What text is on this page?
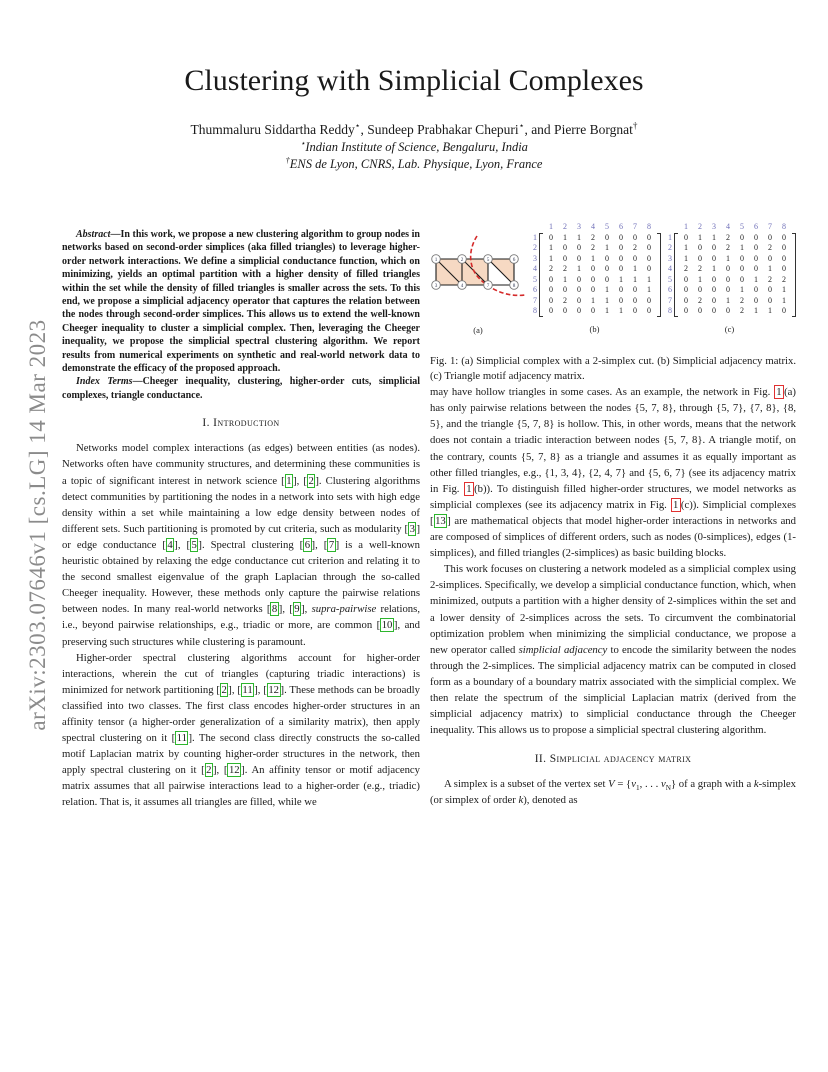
arXiv:2303.07646v1 [cs.LG] 14 Mar 2023
Clustering with Simplicial Complexes
Thummaluru Siddartha Reddy⋆, Sundeep Prabhakar Chepuri⋆, and Pierre Borgnat†
⋆Indian Institute of Science, Bengaluru, India
†ENS de Lyon, CNRS, Lab. Physique, Lyon, France

Abstract—In this work, we propose a new clustering algorithm to group nodes in networks based on second-order simplices (aka filled triangles) to leverage higher-order network interactions. We define a simplicial conductance function, which on minimizing, yields an optimal partition with a higher density of filled triangles within the set while the density of filled triangles is smaller across the sets. To this end, we propose a simplicial adjacency operator that captures the relation between the nodes through second-order simplices. This allows us to extend the well-known Cheeger inequality to cluster a simplicial complex. Then, leveraging the Cheeger inequality, we propose the simplicial spectral clustering algorithm. We report results from numerical experiments on synthetic and real-world network data to demonstrate the efficacy of the proposed approach.

Index Terms—Cheeger inequality, clustering, higher-order cuts, simplicial complexes, triangle conductance.

I. Introduction

Networks model complex interactions (as edges) between entities (as nodes). Networks often have community structures, and determining these communities is a topic of significant interest in network science [ 1 ], [ 2 ]. Clustering algorithms detect communities by partitioning the nodes in a network into sets with high edge density within a set while maintaining a low edge density between nodes of different sets. Such partitioning is promoted by cut criteria, such as modularity [ 3 ] or edge conductance [ 4 ], [ 5 ]. Spectral clustering [ 6 ], [ 7 ] is a well-known heuristic obtained by relaxing the edge conductance cut criterion and relating it to the second smallest eigenvalue of the graph Laplacian through the so-called Cheeger inequality. However, these methods only capture the pairwise relations between nodes. In many real-world networks [ 8 ], [ 9 ], supra-pairwise relations, i.e., beyond pairwise relationships, e.g., triadic or more, are common [ 10 ], and preserving such structures while clustering is paramount.

Higher-order spectral clustering algorithms account for higher-order interactions, wherein the cut of triangles (capturing triadic interactions) is minimized for network partitioning [ 2 ], [ 11 ], [ 12 ]. These methods can be broadly classified into two classes. The first class encodes higher-order structures in an affinity tensor (a higher-order generalization of a similarity matrix), then apply spectral clustering on it [ 11 ]. The second class directly constructs the so-called motif Laplacian matrix by counting higher-order structures in the network, then apply spectral clustering on it [ 2 ], [ 12 ]. An affinity tensor or motif adjacency matrix assumes that all pairwise interactions lead to a higher-order (e.g., triadic) relation. That is, it assumes all triangles are filled, while we

1	2	5	6
3	4	7	8
(a)
1	2	3	4	5	6	7	8
1
2
3
4
5
6
7
8
0	1	1	2	0	0	0	0
1	0	0	2	1	0	2	0
1	0	0	1	0	0	0	0
2	2	1	0	0	0	1	0
0	1	0	0	0	1	1	1
0	0	0	0	1	0	0	1
0	2	0	1	1	0	0	0
0	0	0	0	1	1	0	0
(b)
1	2	3	4	5	6	7	8
1
2
3
4
5
6
7
8
0	1	1	2	0	0	0	0
1	0	0	2	1	0	2	0
1	0	0	1	0	0	0	0
2	2	1	0	0	0	1	0
0	1	0	0	0	1	2	2
0	0	0	0	1	0	0	1
0	2	0	1	2	0	0	1
0	0	0	0	2	1	1	0
(c)
Fig. 1: (a) Simplicial complex with a 2-simplex cut. (b) Simplicial adjacency matrix. (c) Triangle motif adjacency matrix.

may have hollow triangles in some cases. As an example, the network in Fig. 1 (a) has only pairwise relations between the nodes {5, 7, 8}, through {5, 7}, {7, 8}, {8, 5}, and the triangle {5, 7, 8} is hollow. This, in other words, means that the network does not contain a triadic interaction between nodes {5, 7, 8}. A triangle motif, on the contrary, counts {5, 7, 8} as a triangle and assumes it as equally important as other filled triangles, e.g., {1, 3, 4}, {2, 4, 7} and {5, 6, 7} (see its adjacency matrix in Fig. 1 (b)). To distinguish filled higher-order structures, we model networks as simplicial complexes (see its adjacency matrix in Fig. 1 (c)). Simplicial complexes [ 13 ] are mathematical objects that model higher-order interactions in networks and are composed of simplices of different orders, such as nodes (0-simplices), edges (1-simplices), and filled triangles (2-simplices) as basic building blocks.

This work focuses on clustering a network modeled as a simplicial complex using 2-simplices. Specifically, we develop a simplicial conductance function, which, when minimized, outputs a partition with a higher density of 2-simplices within the set and a lower density of 2-simplices across the sets. To circumvent the combinatorial optimization problem when minimizing the simplicial conductance, we propose a new operator called simplicial adjacency to encode the similarity between the nodes through the 2-simplices. The simplicial adjacency matrix can be computed in closed form as a boundary of a boundary matrix associated with the simplicial complex. We then relate the spectrum of the simplicial Laplacian matrix (derived from the simplicial adjacency matrix) to simplicial conductance through the Cheeger inequality. This allows us to propose a simplicial spectral clustering algorithm.

II. Simplicial adjacency matrix

A simplex is a subset of the vertex set $V = \{v_1$, . . . $v_N$} of a graph with a k-simplex (or simplex of order k), denoted as
